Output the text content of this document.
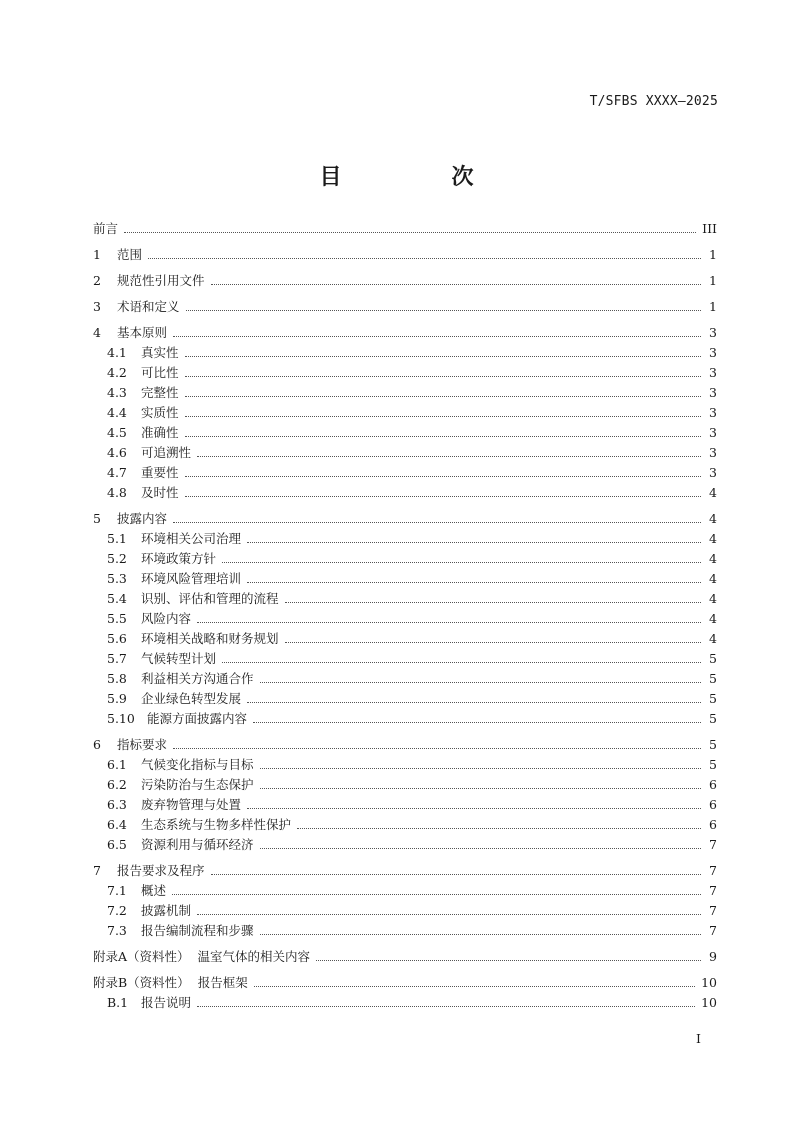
T/SFBS XXXX—2025
目　次
前言	III
1	范围	1
2	规范性引用文件	1
3	术语和定义	1
4	基本原则	3
4.1	真实性	3
4.2	可比性	3
4.3	完整性	3
4.4	实质性	3
4.5	准确性	3
4.6	可追溯性	3
4.7	重要性	3
4.8	及时性	4
5	披露内容	4
5.1	环境相关公司治理	4
5.2	环境政策方针	4
5.3	环境风险管理培训	4
5.4	识别、评估和管理的流程	4
5.5	风险内容	4
5.6	环境相关战略和财务规划	4
5.7	气候转型计划	5
5.8	利益相关方沟通合作	5
5.9	企业绿色转型发展	5
5.10 能源方面披露内容	5
6	指标要求	5
6.1	气候变化指标与目标	5
6.2	污染防治与生态保护	6
6.3	废弃物管理与处置	6
6.4	生态系统与生物多样性保护	6
6.5	资源利用与循环经济	7
7	报告要求及程序	7
7.1	概述	7
7.2	披露机制	7
7.3	报告编制流程和步骤	7
附录A（资料性） 温室气体的相关内容	9
附录B（资料性） 报告框架	10
B.1	报告说明	10
I
